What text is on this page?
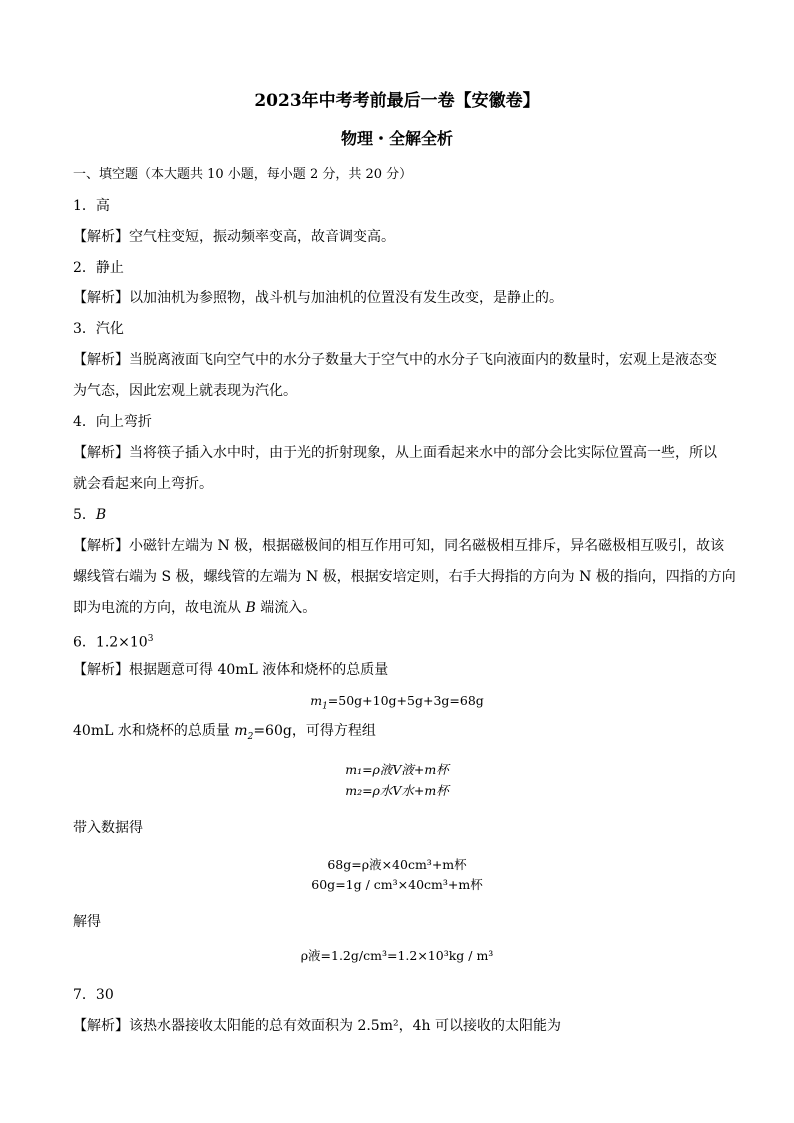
2023年中考考前最后一卷【安徽卷】
物理・全解全析
一、填空题（本大题共 10 小题，每小题 2 分，共 20 分）
1．高
【解析】空气柱变短，振动频率变高，故音调变高。
2．静止
【解析】以加油机为参照物，战斗机与加油机的位置没有发生改变，是静止的。
3．汽化
【解析】当脱离液面飞向空气中的水分子数量大于空气中的水分子飞向液面内的数量时，宏观上是液态变
为气态，因此宏观上就表现为汽化。
4．向上弯折
【解析】当将筷子插入水中时，由于光的折射现象，从上面看起来水中的部分会比实际位置高一些，所以
就会看起来向上弯折。
5．B
【解析】小磁针左端为 N 极，根据磁极间的相互作用可知，同名磁极相互排斥，异名磁极相互吸引，故该
螺线管右端为 S 极，螺线管的左端为 N 极，根据安培定则，右手大拇指的方向为 N 极的指向，四指的方向
即为电流的方向，故电流从 B 端流入。
6．$1.2\times 10^3$
【解析】根据题意可得 40mL 液体和烧杯的总质量
$m_1=50g+10g+5g+3g=68g$
40mL 水和烧杯的总质量 $m_2=60g$，可得方程组
m₁=ρ液V液+m杯
m₂=ρ水V水+m杯
带入数据得
68g=ρ液×40cm³+m杯
60g=1g / cm³×40cm³+m杯
解得
ρ液=1.2g/cm³=1.2×10³kg / m³
7．30
【解析】该热水器接收太阳能的总有效面积为 2.5m²，4h 可以接收的太阳能为
